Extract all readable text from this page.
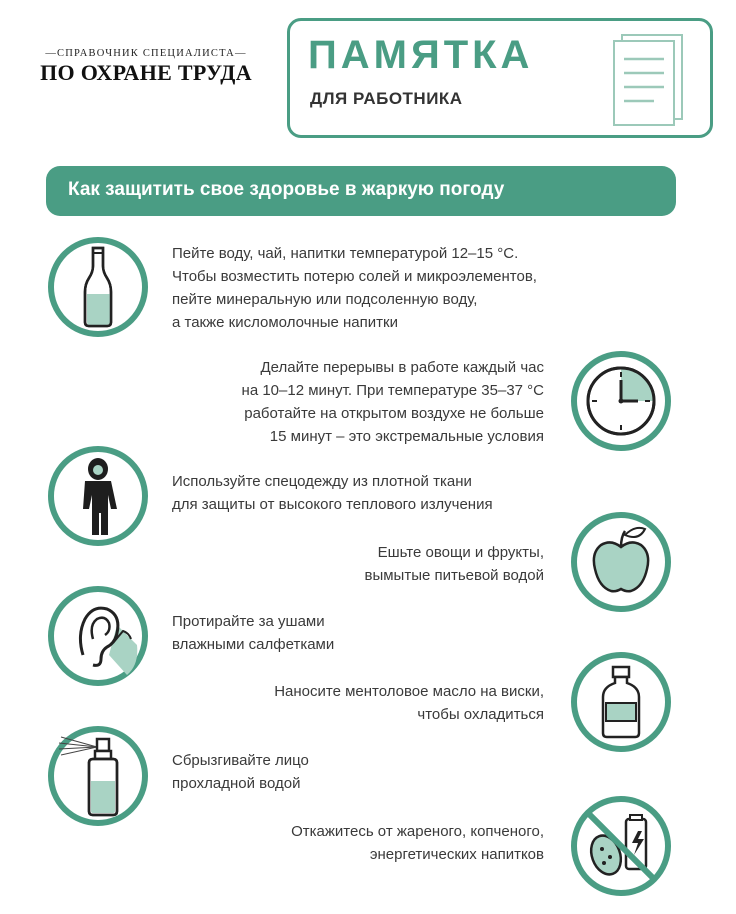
—СПРАВОЧНИК СПЕЦИАЛИСТА—
ПО ОХРАНЕ ТРУДА ПАМЯТКА
ДЛЯ РАБОТНИКА
Как защитить свое здоровье в жаркую погоду
Пейте воду, чай, напитки температурой 12–15 °С.
Чтобы возместить потерю солей и микроэлементов,
пейте минеральную или подсоленную воду,
а также кисломолочные напитки
Делайте перерывы в работе каждый час
на 10–12 минут. При температуре 35–37 °С
работайте на открытом воздухе не больше
15 минут – это экстремальные условия
Используйте спецодежду из плотной ткани
для защиты от высокого теплового излучения
Ешьте овощи и фрукты,
вымытые питьевой водой
Протирайте за ушами
влажными салфетками
Наносите ментоловое масло на виски,
чтобы охладиться
Сбрызгивайте лицо
прохладной водой
Откажитесь от жареного, копченого,
энергетических напитков
